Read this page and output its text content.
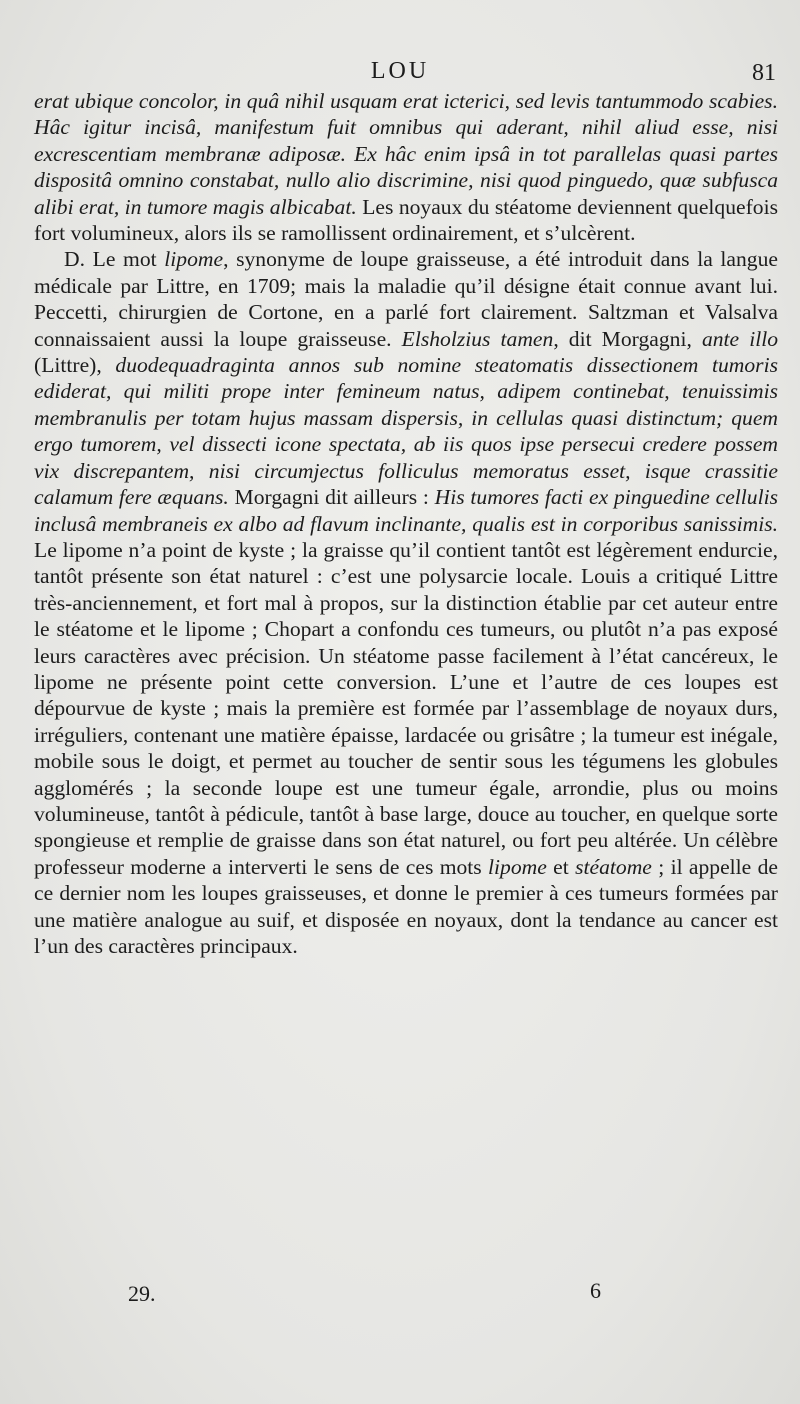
LOU	81

erat ubique concolor, in quâ nihil usquam erat icterici, sed levis tantummodo scabies. Hâc igitur incisâ, manifestum fuit omnibus qui aderant, nihil aliud esse, nisi excrescentiam membranæ adiposæ. Ex hâc enim ipsâ in tot parallelas quasi partes dispositâ omnino constabat, nullo alio discrimine, nisi quod pinguedo, quæ subfusca alibi erat, in tumore magis albicabat. Les noyaux du stéatome deviennent quelquefois fort volumineux, alors ils se ramollissent ordinairement, et s’ulcèrent.

D. Le mot lipome, synonyme de loupe graisseuse, a été introduit dans la langue médicale par Littre, en 1709; mais la maladie qu’il désigne était connue avant lui. Peccetti, chirurgien de Cortone, en a parlé fort clairement. Saltzman et Valsalva connaissaient aussi la loupe graisseuse. Elsholzius tamen, dit Morgagni, ante illo (Littre), duodequadraginta annos sub nomine steatomatis dissectionem tumoris ediderat, qui militi prope inter femineum natus, adipem continebat, tenuissimis membranulis per totam hujus massam dispersis, in cellulas quasi distinctum; quem ergo tumorem, vel dissecti icone spectata, ab iis quos ipse persecui credere possem vix discrepantem, nisi circumjectus folliculus memoratus esset, isque crassitie calamum fere æquans. Morgagni dit ailleurs : His tumores facti ex pinguedine cellulis inclusâ membraneis ex albo ad flavum inclinante, qualis est in corporibus sanissimis. Le lipome n’a point de kyste ; la graisse qu’il contient tantôt est légèrement endurcie, tantôt présente son état naturel : c’est une polysarcie locale. Louis a critiqué Littre très-anciennement, et fort mal à propos, sur la distinction établie par cet auteur entre le stéatome et le lipome ; Chopart a confondu ces tumeurs, ou plutôt n’a pas exposé leurs caractères avec précision. Un stéatome passe facilement à l’état cancéreux, le lipome ne présente point cette conversion. L’une et l’autre de ces loupes est dépourvue de kyste ; mais la première est formée par l’assemblage de noyaux durs, irréguliers, contenant une matière épaisse, lardacée ou grisâtre ; la tumeur est inégale, mobile sous le doigt, et permet au toucher de sentir sous les tégumens les globules agglomérés ; la seconde loupe est une tumeur égale, arrondie, plus ou moins volumineuse, tantôt à pédicule, tantôt à base large, douce au toucher, en quelque sorte spongieuse et remplie de graisse dans son état naturel, ou fort peu altérée. Un célèbre professeur moderne a interverti le sens de ces mots lipome et stéatome ; il appelle de ce dernier nom les loupes graisseuses, et donne le premier à ces tumeurs formées par une matière analogue au suif, et disposée en noyaux, dont la tendance au cancer est l’un des caractères principaux.

29.	6
